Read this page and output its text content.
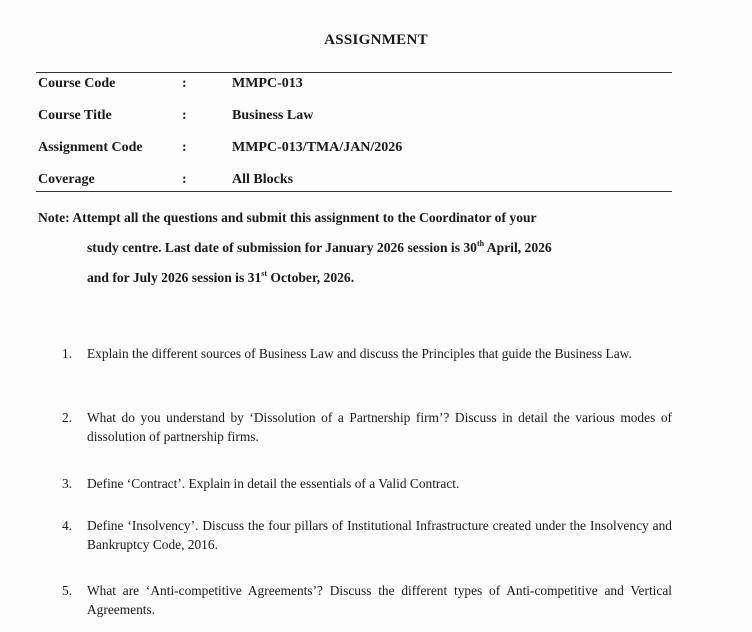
ASSIGNMENT
Course Code	:	MMPC-013
Course Title	:	Business Law
Assignment Code	:	MMPC-013/TMA/JAN/2026
Coverage	:	All Blocks
Note: Attempt all the questions and submit this assignment to the Coordinator of your
study centre. Last date of submission for January 2026 session is 30th April, 2026
and for July 2026 session is 31st October, 2026.
1. Explain the different sources of Business Law and discuss the Principles that guide the Business Law.
2. What do you understand by ‘Dissolution of a Partnership firm’? Discuss in detail the various modes of dissolution of partnership firms.
3. Define ‘Contract’. Explain in detail the essentials of a Valid Contract.
4. Define ‘Insolvency’. Discuss the four pillars of Institutional Infrastructure created under the Insolvency and Bankruptcy Code, 2016.
5. What are ‘Anti-competitive Agreements’? Discuss the different types of Anti-competitive and Vertical Agreements.
